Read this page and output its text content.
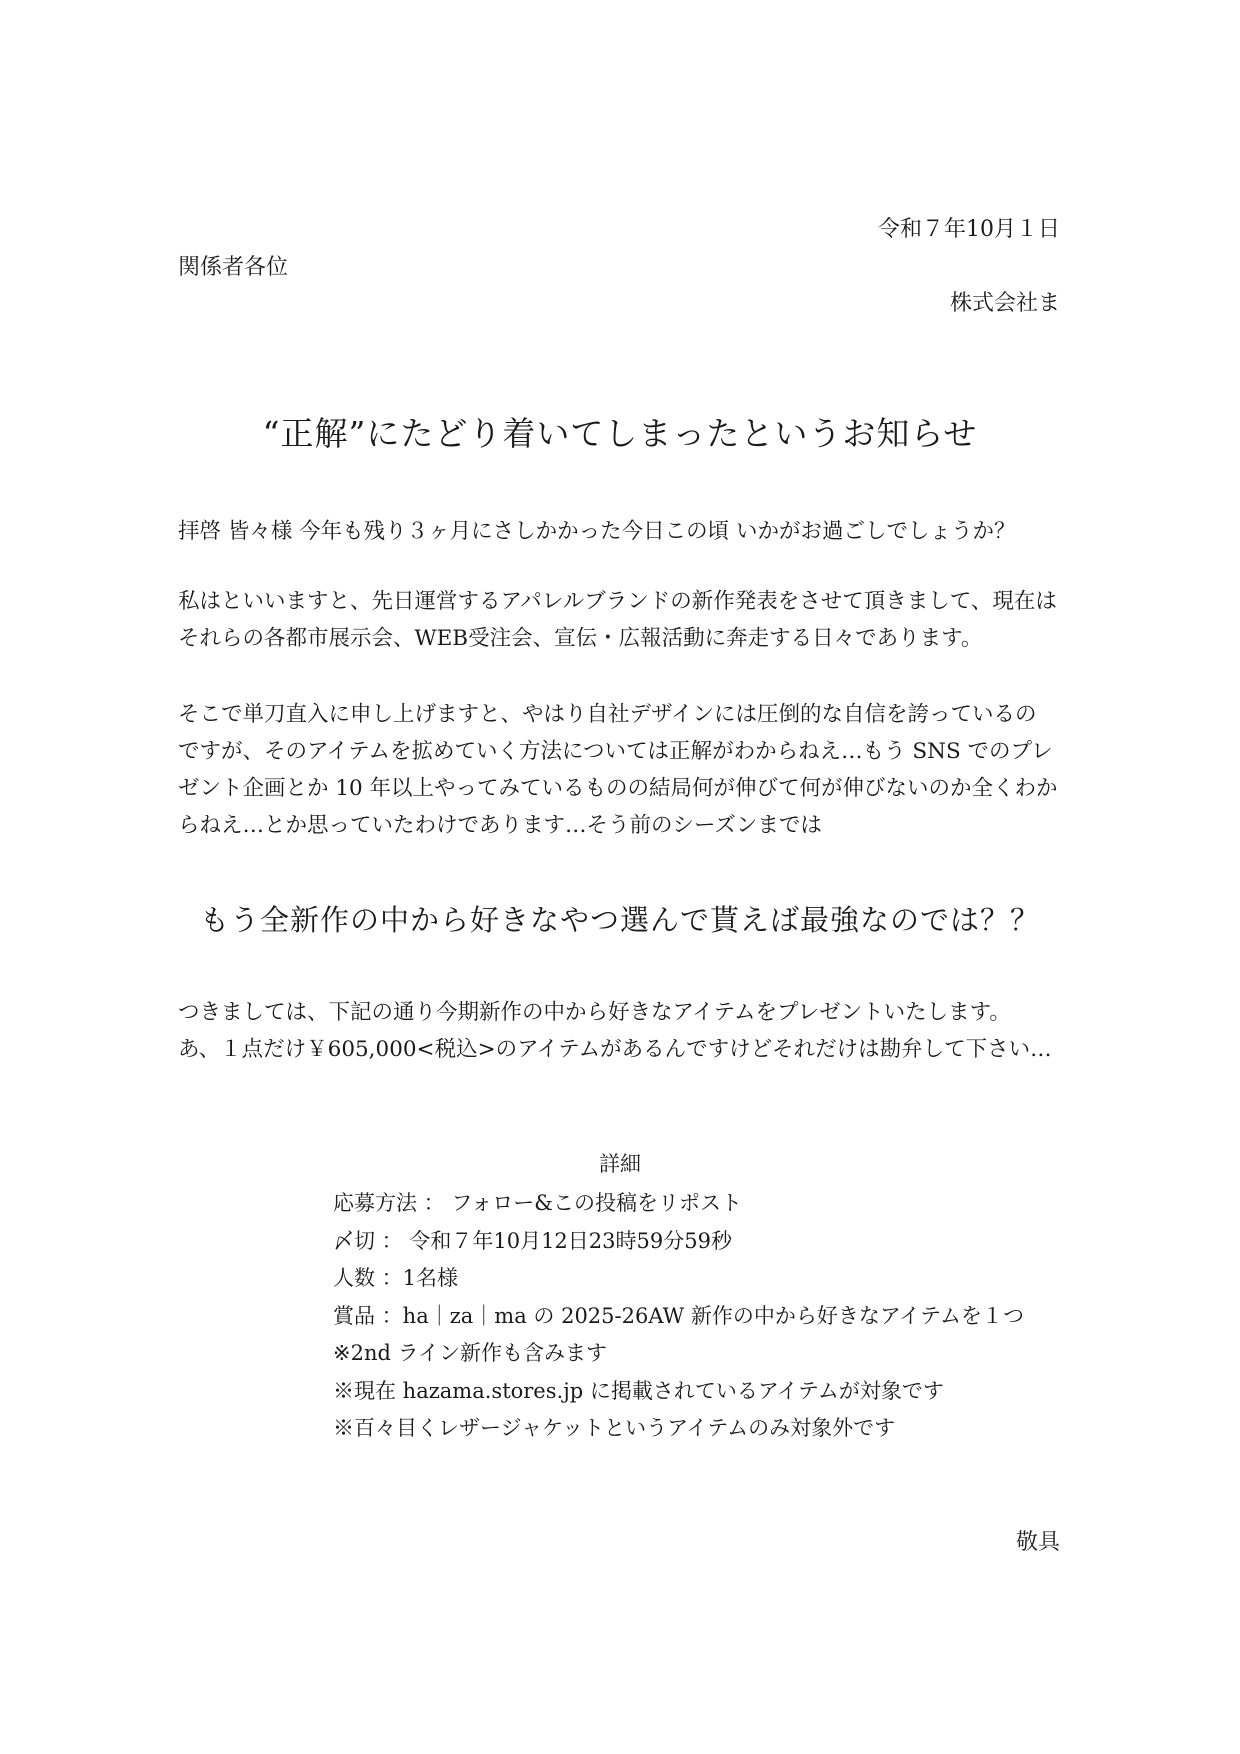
令和７年10月１日
関係者各位
株式会社ま
“正解”にたどり着いてしまったというお知らせ
拝啓 皆々様 今年も残り３ヶ月にさしかかった今日この頃 いかがお過ごしでしょうか？
私はといいますと、先日運営するアパレルブランドの新作発表をさせて頂きまして、現在は
それらの各都市展示会、WEB受注会、宣伝・広報活動に奔走する日々であります。
そこで単刀直入に申し上げますと、やはり自社デザインには圧倒的な自信を誇っているの
ですが、そのアイテムを拡めていく方法については正解がわからねえ…もう SNS でのプレ
ゼント企画とか 10 年以上やってみているものの結局何が伸びて何が伸びないのか全くわか
らねえ…とか思っていたわけであります…そう前のシーズンまでは
もう全新作の中から好きなやつ選んで貰えば最強なのでは？？
つきましては、下記の通り今期新作の中から好きなアイテムをプレゼントいたします。
あ、１点だけ￥605,000<税込>のアイテムがあるんですけどそれだけは勘弁して下さい…
詳細
応募方法 ： フォロー&この投稿をリポスト
〆切 ： 令和７年10月12日23時59分59秒
人数 ：1名様
賞品 ：ha｜za｜ma の 2025-26AW 新作の中から好きなアイテムを１つ
※2nd ライン新作も含みます
※現在 hazama.stores.jp に掲載されているアイテムが対象です
※百々目くレザージャケットというアイテムのみ対象外です
敬具
